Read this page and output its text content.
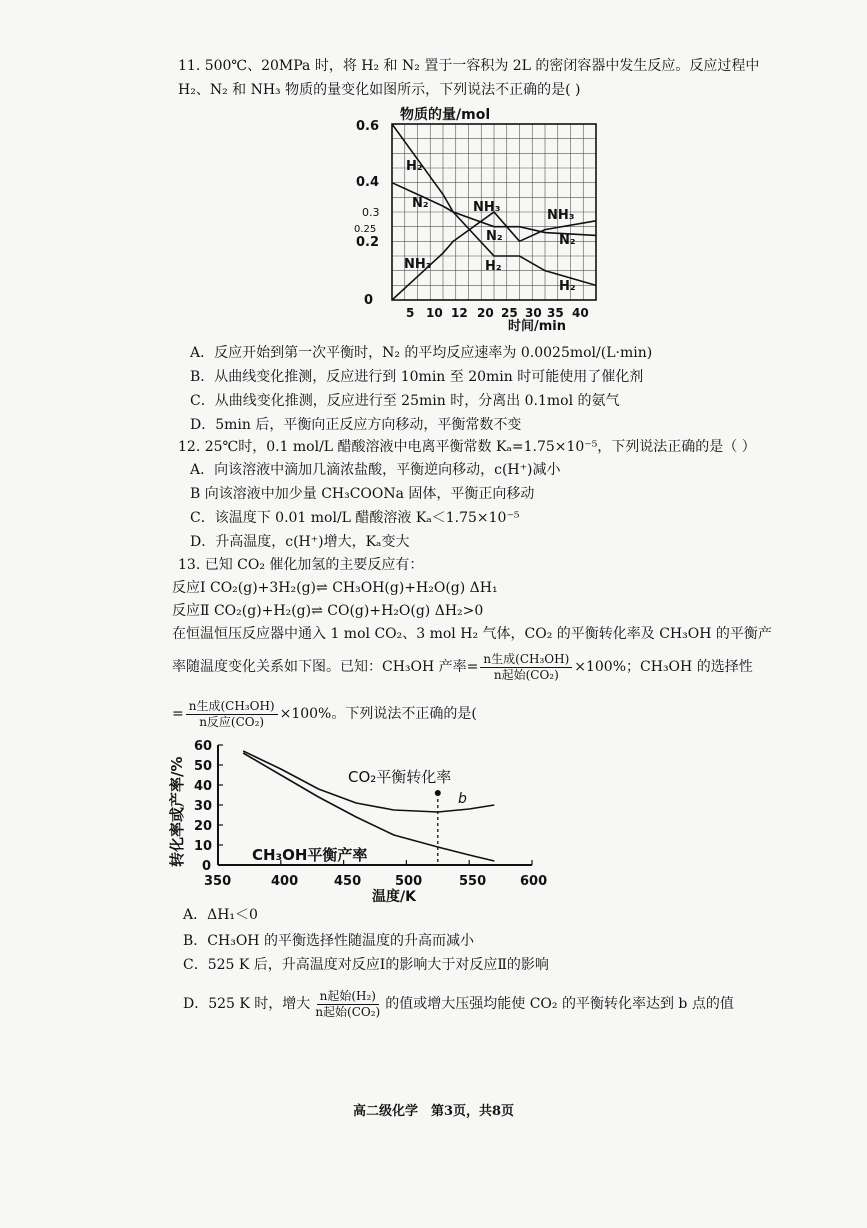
11. 500℃、20MPa 时，将 H₂ 和 N₂ 置于一容积为 2L 的密闭容器中发生反应。反应过程中
H₂、N₂ 和 NH₃ 物质的量变化如图所示，下列说法不正确的是( )
物质的量/mol
时间/min
0.6
0.4
0.3
0.25
0.2
0
5 10 12 20 25 30 35 40
H₂
N₂
NH₃
NH₃
N₂
H₂
NH₃
N₂
H₂
A．反应开始到第一次平衡时，N₂ 的平均反应速率为 0.0025mol/(L·min)
B．从曲线变化推测，反应进行到 10min 至 20min 时可能使用了催化剂
C．从曲线变化推测，反应进行至 25min 时，分离出 0.1mol 的氨气
D．5min 后，平衡向正反应方向移动，平衡常数不变
12. 25℃时，0.1 mol/L 醋酸溶液中电离平衡常数 Kₐ=1.75×10⁻⁵，下列说法正确的是（ ）
A．向该溶液中滴加几滴浓盐酸，平衡逆向移动，c(H⁺)减小
B 向该溶液中加少量 CH₃COONa 固体，平衡正向移动
C．该温度下 0.01 mol/L 醋酸溶液 Kₐ＜1.75×10⁻⁵
D．升高温度，c(H⁺)增大，Kₐ变大
13. 已知 CO₂ 催化加氢的主要反应有：
反应Ⅰ CO₂(g)+3H₂(g)⇌ CH₃OH(g)+H₂O(g) ΔH₁
反应Ⅱ CO₂(g)+H₂(g)⇌ CO(g)+H₂O(g) ΔH₂>0
在恒温恒压反应器中通入 1 mol CO₂、3 mol H₂ 气体，CO₂ 的平衡转化率及 CH₃OH 的平衡产
率随温度变化关系如下图。已知：CH₃OH 产率= $\frac{\text{n生成(CH₃OH)}}{\text{n起始(CO₂)}} \times 100\%$；CH₃OH 的选择性
= $\frac{\text{n生成(CH₃OH)}}{\text{n反应(CO₂)}} \times 100\%$。下列说法不正确的是(
转化率或产率/%
温度/K
60
50
40
30
20
10
0
350	400	450	500	550	600
CO₂平衡转化率
CH₃OH平衡产率
b
A．ΔH₁＜0
B．CH₃OH 的平衡选择性随温度的升高而减小
C．525 K 后，升高温度对反应Ⅰ的影响大于对反应Ⅱ的影响
D．525 K 时，增大 $\frac{\text{n起始(H₂)}}{\text{n起始(CO₂)}}$ 的值或增大压强均能使 CO₂ 的平衡转化率达到 b 点的值
高二级化学　第3页，共8页
